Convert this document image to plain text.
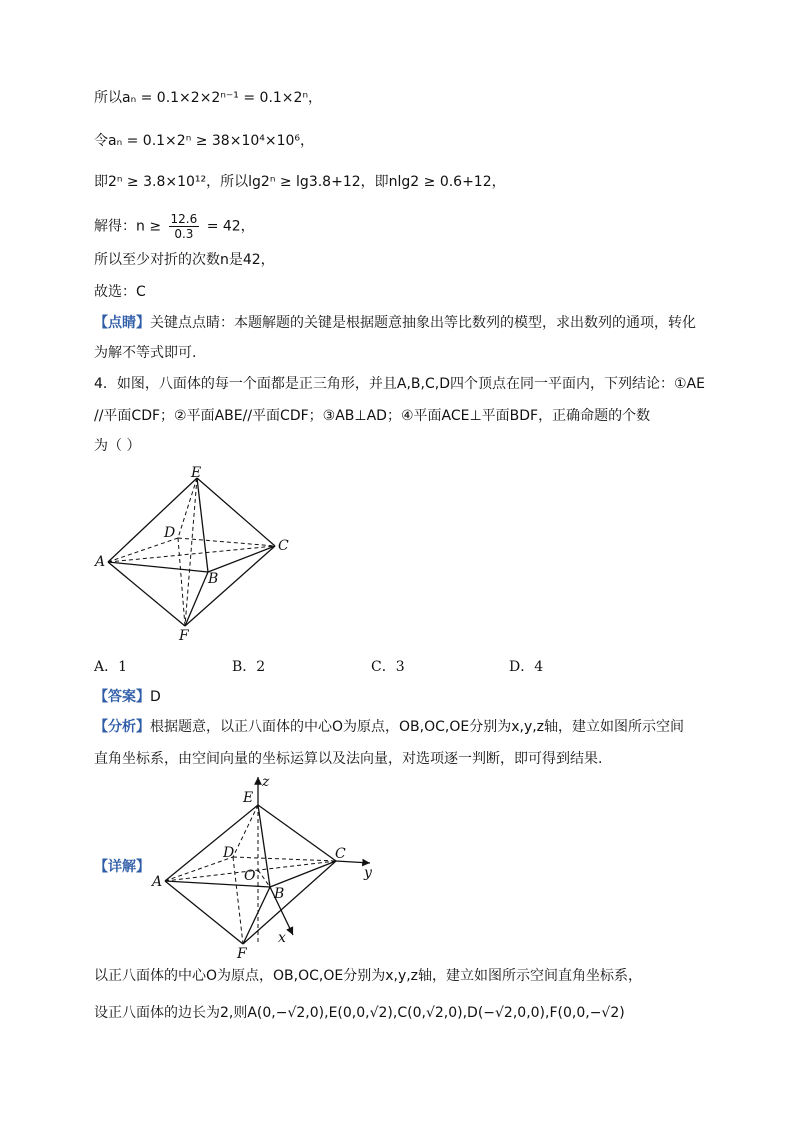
所以aₙ = 0.1×2×2ⁿ⁻¹ = 0.1×2ⁿ，
令aₙ = 0.1×2ⁿ ≥ 38×10⁴×10⁶，
即2ⁿ ≥ 3.8×10¹²，所以lg2ⁿ ≥ lg3.8+12，即nlg2 ≥ 0.6+12，
解得：$n \ge \frac{12.6}{0.3} = 42$，
所以至少对折的次数n是42，
故选：C
【点睛】关键点点睛：本题解题的关键是根据题意抽象出等比数列的模型，求出数列的通项，转化
为解不等式即可.
4．如图，八面体的每一个面都是正三角形，并且A,B,C,D四个顶点在同一平面内，下列结论：①AE
//平面CDF；②平面ABE//平面CDF；③AB⊥AD；④平面ACE⊥平面BDF，正确命题的个数
为（ ）
E
D
C
A
B
F
A．1	B．2	C．3	D．4
【答案】D
【分析】根据题意，以正八面体的中心O为原点，OB,OC,OE分别为x,y,z轴，建立如图所示空间
直角坐标系，由空间向量的坐标运算以及法向量，对选项逐一判断，即可得到结果.
【详解】
z
E
D	C
y
A	O
B
x
F
以正八面体的中心O为原点，OB,OC,OE分别为x,y,z轴，建立如图所示空间直角坐标系，
设正八面体的边长为2,则A(0,−√2,0),E(0,0,√2),C(0,√2,0),D(−√2,0,0),F(0,0,−√2)
